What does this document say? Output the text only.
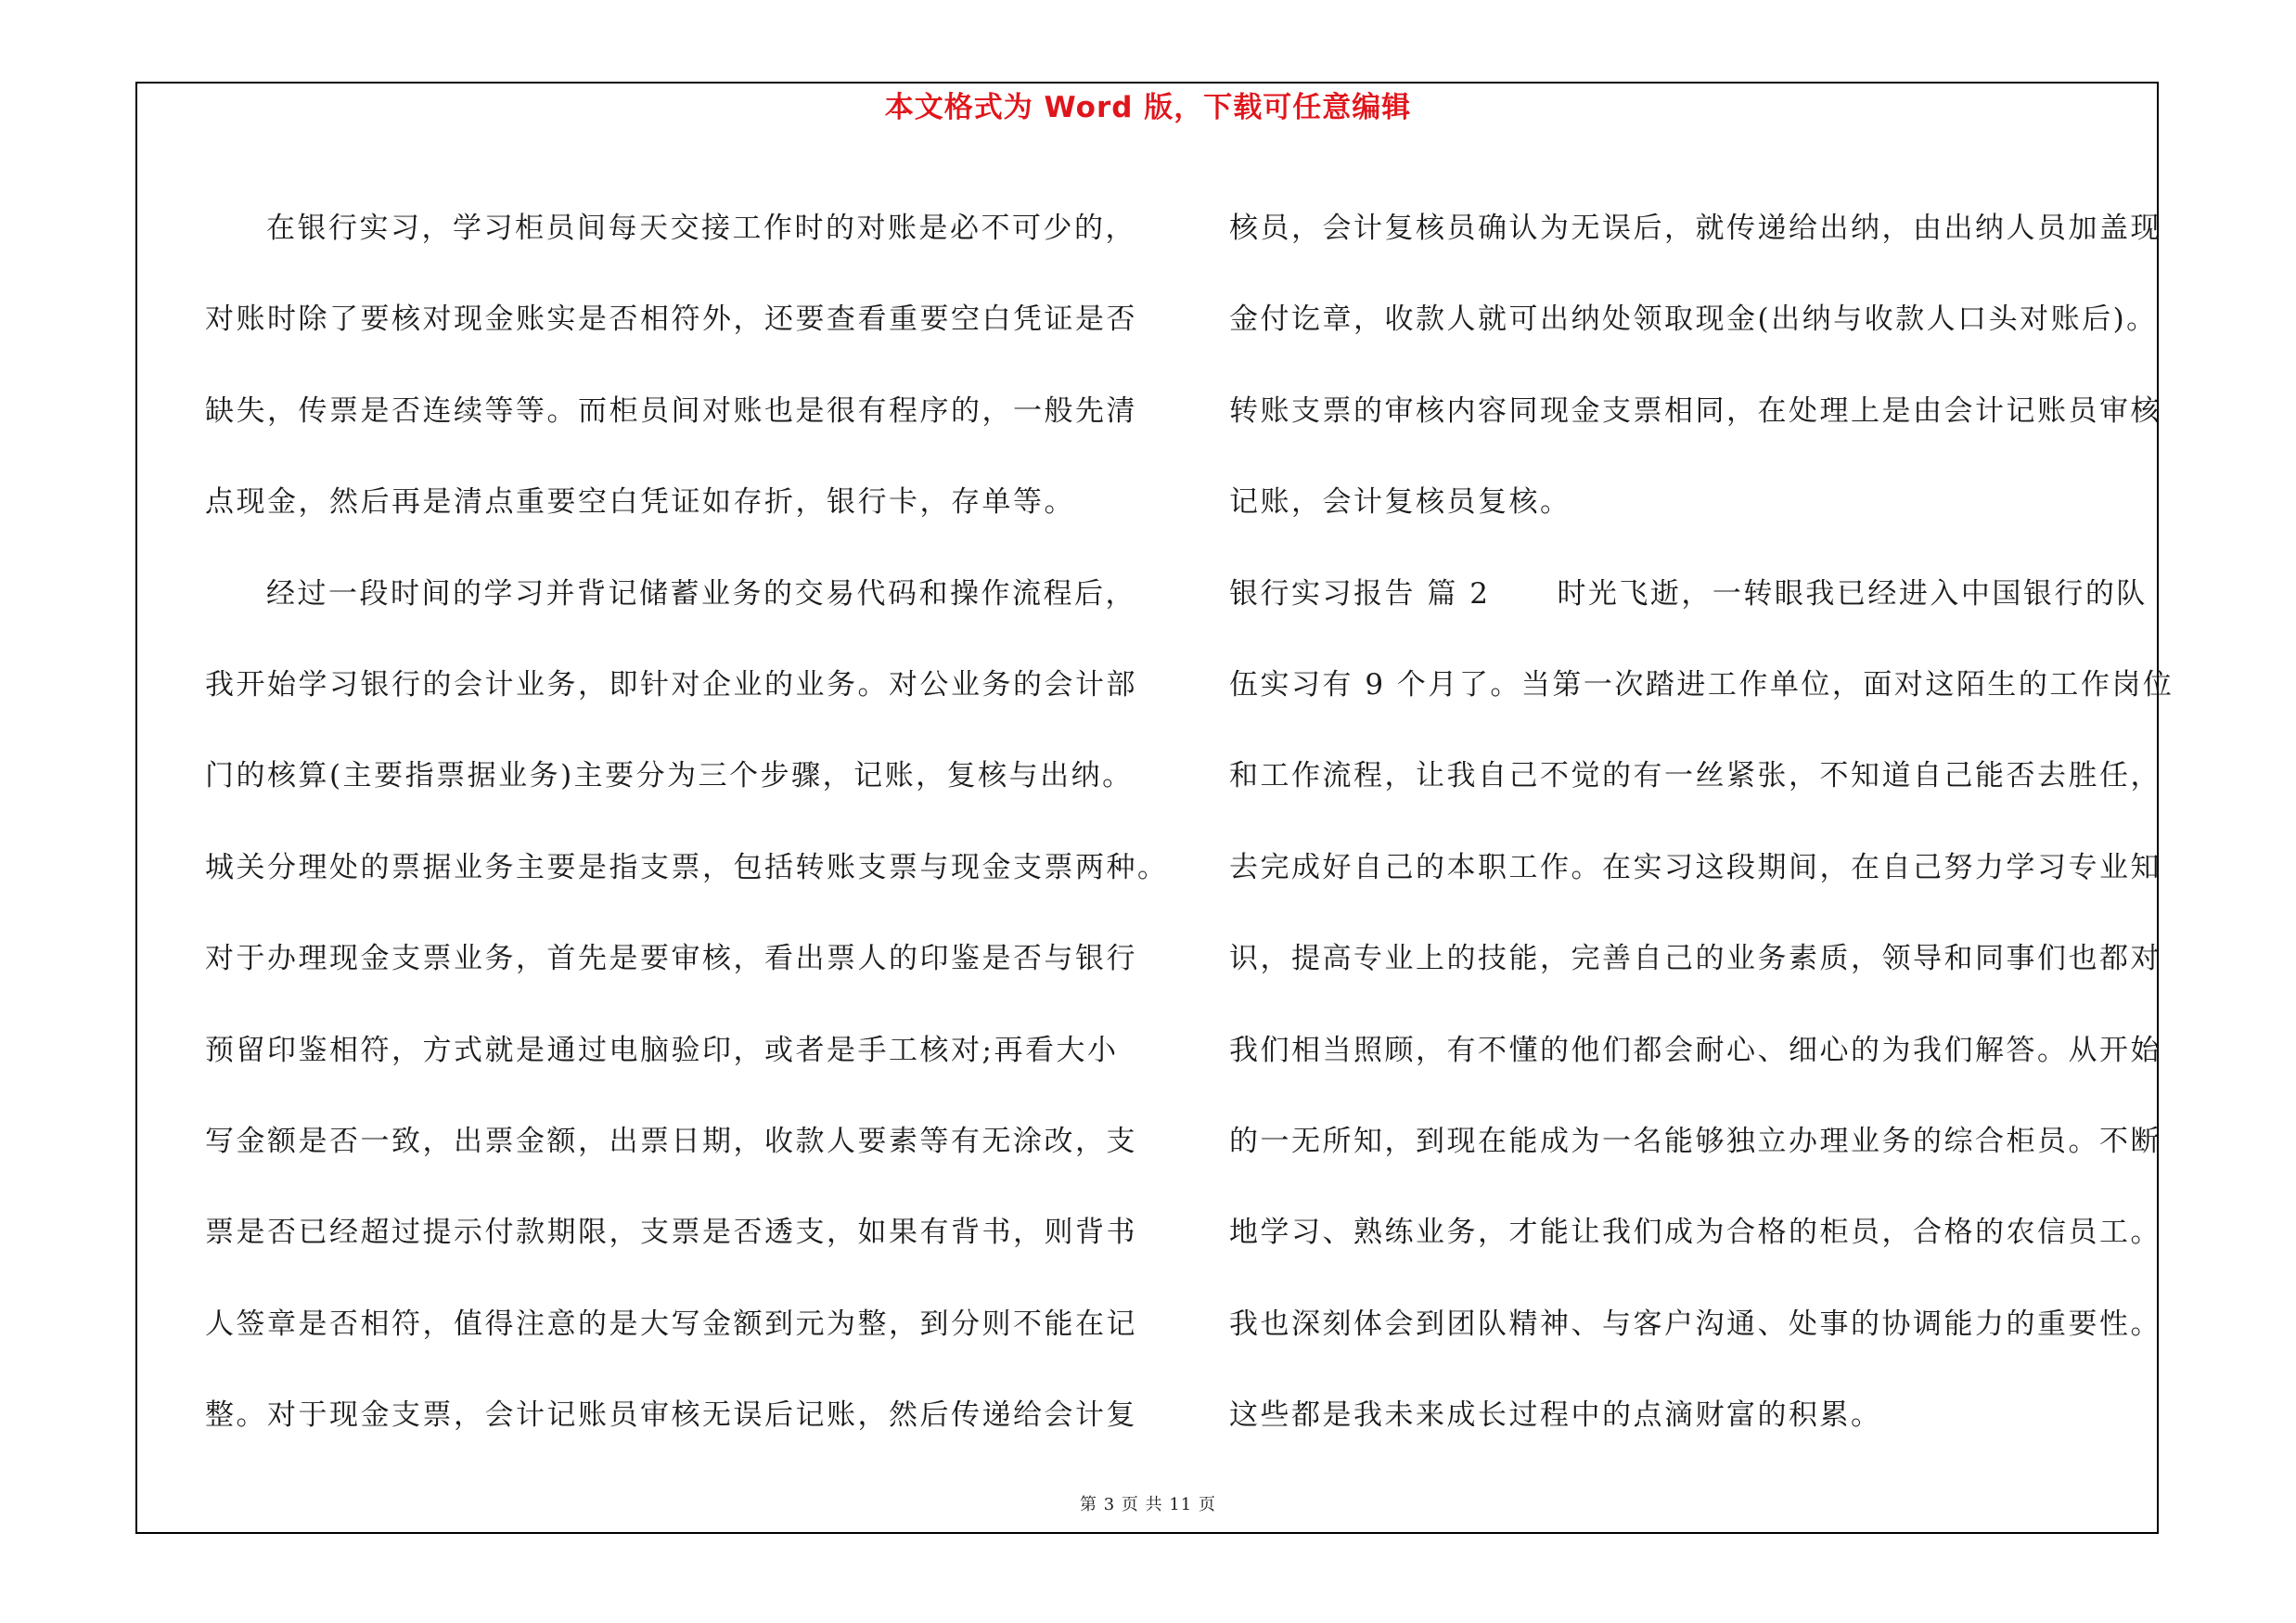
本文格式为 Word 版，下载可任意编辑
在银行实习，学习柜员间每天交接工作时的对账是必不可少的，
对账时除了要核对现金账实是否相符外，还要查看重要空白凭证是否
缺失，传票是否连续等等。而柜员间对账也是很有程序的，一般先清
点现金，然后再是清点重要空白凭证如存折，银行卡，存单等。
经过一段时间的学习并背记储蓄业务的交易代码和操作流程后，
我开始学习银行的会计业务，即针对企业的业务。对公业务的会计部
门的核算(主要指票据业务)主要分为三个步骤，记账，复核与出纳。
城关分理处的票据业务主要是指支票，包括转账支票与现金支票两种。
对于办理现金支票业务，首先是要审核，看出票人的印鉴是否与银行
预留印鉴相符，方式就是通过电脑验印，或者是手工核对;再看大小
写金额是否一致，出票金额，出票日期，收款人要素等有无涂改，支
票是否已经超过提示付款期限，支票是否透支，如果有背书，则背书
人签章是否相符，值得注意的是大写金额到元为整，到分则不能在记
整。对于现金支票，会计记账员审核无误后记账，然后传递给会计复
核员，会计复核员确认为无误后，就传递给出纳，由出纳人员加盖现
金付讫章，收款人就可出纳处领取现金(出纳与收款人口头对账后)。
转账支票的审核内容同现金支票相同，在处理上是由会计记账员审核
记账，会计复核员复核。
银行实习报告 篇 2 时光飞逝，一转眼我已经进入中国银行的队
伍实习有 9 个月了。当第一次踏进工作单位，面对这陌生的工作岗位
和工作流程，让我自己不觉的有一丝紧张，不知道自己能否去胜任，
去完成好自己的本职工作。在实习这段期间，在自己努力学习专业知
识，提高专业上的技能，完善自己的业务素质，领导和同事们也都对
我们相当照顾，有不懂的他们都会耐心、细心的为我们解答。从开始
的一无所知，到现在能成为一名能够独立办理业务的综合柜员。不断
地学习、熟练业务，才能让我们成为合格的柜员，合格的农信员工。
我也深刻体会到团队精神、与客户沟通、处事的协调能力的重要性。
这些都是我未来成长过程中的点滴财富的积累。
第 3 页 共 11 页
